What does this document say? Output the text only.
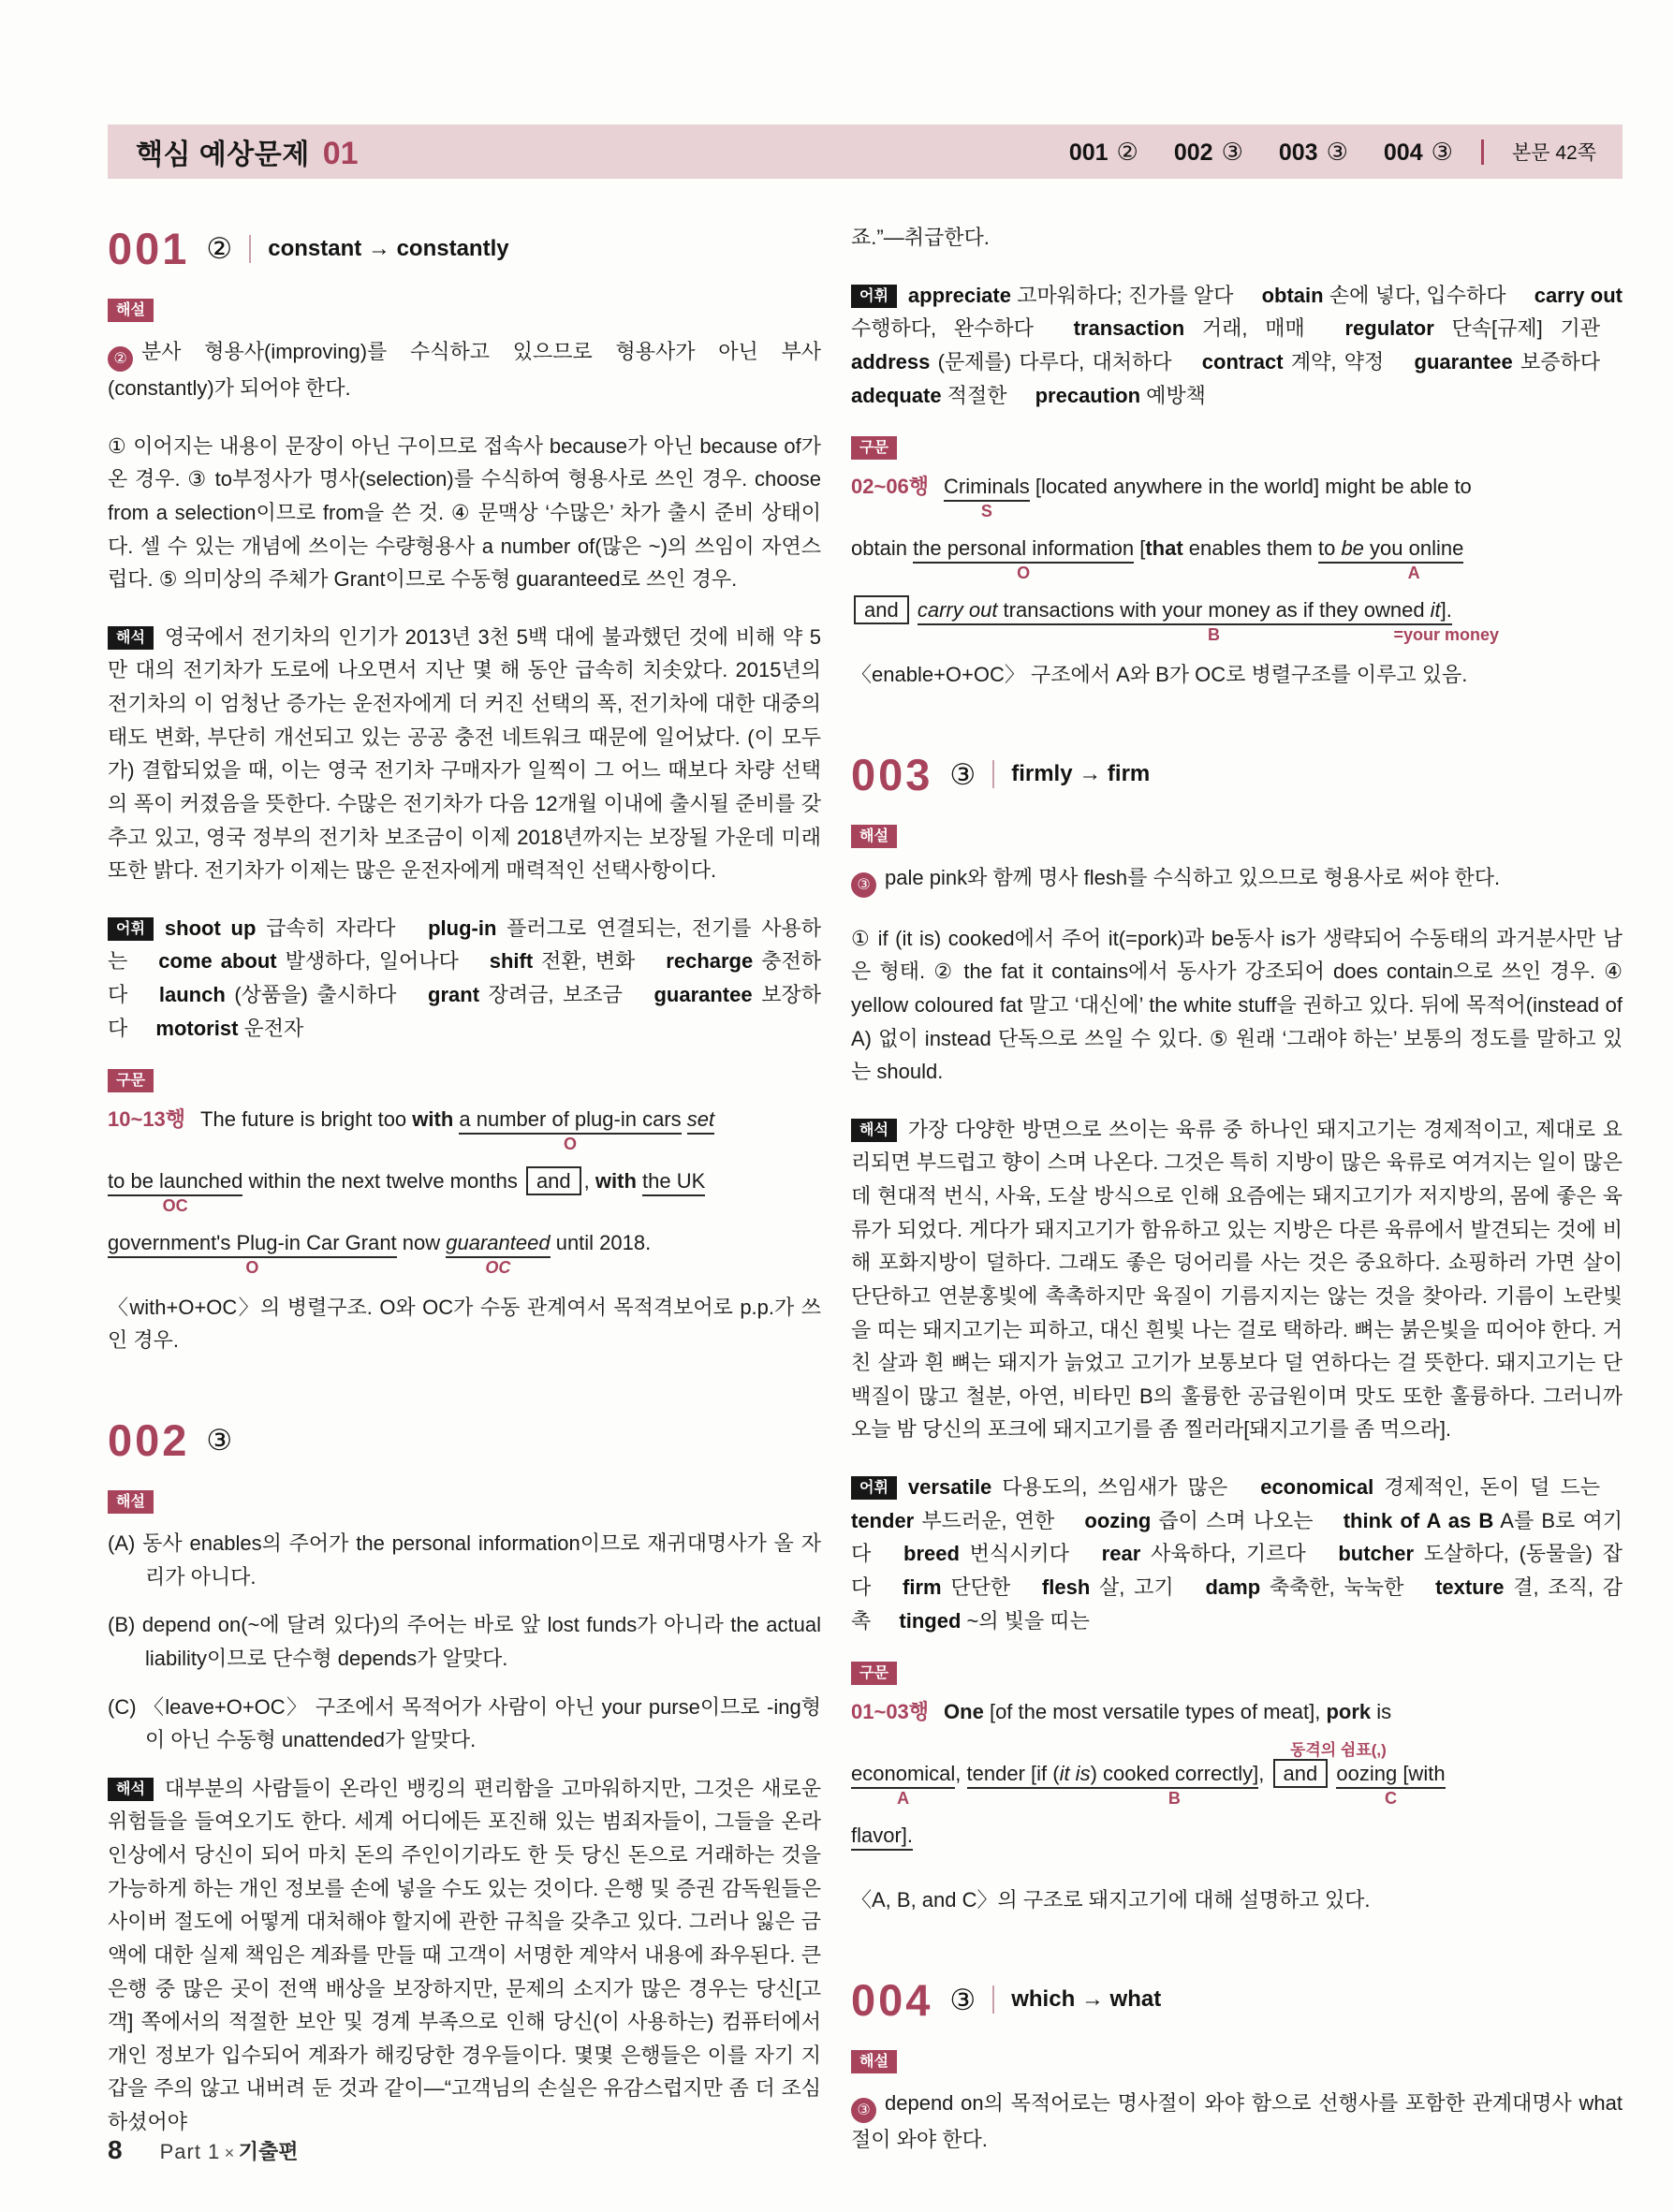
핵심 예상문제 01	001 ② 002 ③ 003 ③ 004 ③	본문 42쪽
001 ② constant → constantly
해설

② 분사 형용사(improving)를 수식하고 있으므로 형용사가 아닌 부사(constantly)가 되어야 한다.

① 이어지는 내용이 문장이 아닌 구이므로 접속사 because가 아닌 because of가 온 경우. ③ to부정사가 명사(selection)를 수식하여 형용사로 쓰인 경우. choose from a selection이므로 from을 쓴 것. ④ 문맥상 ‘수많은’ 차가 출시 준비 상태이다. 셀 수 있는 개념에 쓰이는 수량형용사 a number of(많은 ~)의 쓰임이 자연스럽다. ⑤ 의미상의 주체가 Grant이므로 수동형 guaranteed로 쓰인 경우.

해석 영국에서 전기차의 인기가 2013년 3천 5백 대에 불과했던 것에 비해 약 5만 대의 전기차가 도로에 나오면서 지난 몇 해 동안 급속히 치솟았다. 2015년의 전기차의 이 엄청난 증가는 운전자에게 더 커진 선택의 폭, 전기차에 대한 대중의 태도 변화, 부단히 개선되고 있는 공공 충전 네트워크 때문에 일어났다. (이 모두가) 결합되었을 때, 이는 영국 전기차 구매자가 일찍이 그 어느 때보다 차량 선택의 폭이 커졌음을 뜻한다. 수많은 전기차가 다음 12개월 이내에 출시될 준비를 갖추고 있고, 영국 정부의 전기차 보조금이 이제 2018년까지는 보장될 가운데 미래 또한 밝다. 전기차가 이제는 많은 운전자에게 매력적인 선택사항이다.

어휘 shoot up 급속히 자라다 plug-in 플러그로 연결되는, 전기를 사용하는 come about 발생하다, 일어나다 shift 전환, 변화 recharge 충전하다 launch (상품을) 출시하다 grant 장려금, 보조금 guarantee 보장하다 motorist 운전자

구문
10~13행 The future is bright too with a number of plug-in cars
O
set
to be launched
OC
within the next twelve months and , with the UK
government's Plug-in Car Grant
O
now guaranteed
OC
until 2018.

〈with+O+OC〉의 병렬구조. O와 OC가 수동 관계여서 목적격보어로 p.p.가 쓰인 경우.

002 ③
해설

(A) 동사 enables의 주어가 the personal information이므로 재귀대명사가 올 자리가 아니다.

(B) depend on(~에 달려 있다)의 주어는 바로 앞 lost funds가 아니라 the actual liability이므로 단수형 depends가 알맞다.

(C) 〈leave+O+OC〉 구조에서 목적어가 사람이 아닌 your purse이므로 -ing형이 아닌 수동형 unattended가 알맞다.

해석 대부분의 사람들이 온라인 뱅킹의 편리함을 고마워하지만, 그것은 새로운 위험들을 들여오기도 한다. 세계 어디에든 포진해 있는 범죄자들이, 그들을 온라인상에서 당신이 되어 마치 돈의 주인이기라도 한 듯 당신 돈으로 거래하는 것을 가능하게 하는 개인 정보를 손에 넣을 수도 있는 것이다. 은행 및 증권 감독원들은 사이버 절도에 어떻게 대처해야 할지에 관한 규칙을 갖추고 있다. 그러나 잃은 금액에 대한 실제 책임은 계좌를 만들 때 고객이 서명한 계약서 내용에 좌우된다. 큰 은행 중 많은 곳이 전액 배상을 보장하지만, 문제의 소지가 많은 경우는 당신[고객] 쪽에서의 적절한 보안 및 경계 부족으로 인해 당신(이 사용하는) 컴퓨터에서 개인 정보가 입수되어 계좌가 해킹당한 경우들이다. 몇몇 은행들은 이를 자기 지갑을 주의 않고 내버려 둔 것과 같이—“고객님의 손실은 유감스럽지만 좀 더 조심하셨어야

죠.”—취급한다.

어휘 appreciate 고마워하다; 진가를 알다 obtain 손에 넣다, 입수하다 carry out 수행하다, 완수하다 transaction 거래, 매매 regulator 단속[규제] 기관 address (문제를) 다루다, 대처하다 contract 계약, 약정 guarantee 보증하다 adequate 적절한 precaution 예방책

구문
02~06행 Criminals
S
[located anywhere in the world] might be able to
obtain the personal information
O
[that enables them to be you online
A
and carry out transactions with your money as if they owned
B
it].
=your money

〈enable+O+OC〉 구조에서 A와 B가 OC로 병렬구조를 이루고 있음.

003 ③ firmly → firm
해설

③ pale pink와 함께 명사 flesh를 수식하고 있으므로 형용사로 써야 한다.

① if (it is) cooked에서 주어 it(=pork)과 be동사 is가 생략되어 수동태의 과거분사만 남은 형태. ② the fat it contains에서 동사가 강조되어 does contain으로 쓰인 경우. ④ yellow coloured fat 말고 ‘대신에’ the white stuff을 권하고 있다. 뒤에 목적어(instead of A) 없이 instead 단독으로 쓰일 수 있다. ⑤ 원래 ‘그래야 하는’ 보통의 정도를 말하고 있는 should.

해석 가장 다양한 방면으로 쓰이는 육류 중 하나인 돼지고기는 경제적이고, 제대로 요리되면 부드럽고 향이 스며 나온다. 그것은 특히 지방이 많은 육류로 여겨지는 일이 많은데 현대적 번식, 사육, 도살 방식으로 인해 요즘에는 돼지고기가 저지방의, 몸에 좋은 육류가 되었다. 게다가 돼지고기가 함유하고 있는 지방은 다른 육류에서 발견되는 것에 비해 포화지방이 덜하다. 그래도 좋은 덩어리를 사는 것은 중요하다. 쇼핑하러 가면 살이 단단하고 연분홍빛에 촉촉하지만 육질이 기름지지는 않는 것을 찾아라. 기름이 노란빛을 띠는 돼지고기는 피하고, 대신 흰빛 나는 걸로 택하라. 뼈는 붉은빛을 띠어야 한다. 거친 살과 흰 뼈는 돼지가 늙었고 고기가 보통보다 덜 연하다는 걸 뜻한다. 돼지고기는 단백질이 많고 철분, 아연, 비타민 B의 훌륭한 공급원이며 맛도 또한 훌륭하다. 그러니까 오늘 밤 당신의 포크에 돼지고기를 좀 찔러라[돼지고기를 좀 먹으라].

어휘 versatile 다용도의, 쓰임새가 많은 economical 경제적인, 돈이 덜 드는 tender 부드러운, 연한 oozing 즙이 스며 나오는 think of A as B A를 B로 여기다 breed 번식시키다 rear 사육하다, 기르다 butcher 도살하다, (동물을) 잡다 firm 단단한 flesh 살, 고기 damp 축축한, 눅눅한 texture 결, 조직, 감촉 tinged ~의 빛을 띠는

구문
01~03행 One [of the most versatile types of meat], pork is
economical
A
, tender [if (it is) cooked correctly]
B
, and
동격의 쉼표(,)
oozing [with
C
flavor].

〈A, B, and C〉의 구조로 돼지고기에 대해 설명하고 있다.

004 ③ which → what
해설

③ depend on의 목적어로는 명사절이 와야 함으로 선행사를 포함한 관계대명사 what절이 와야 한다.

8 Part 1 × 기출편
